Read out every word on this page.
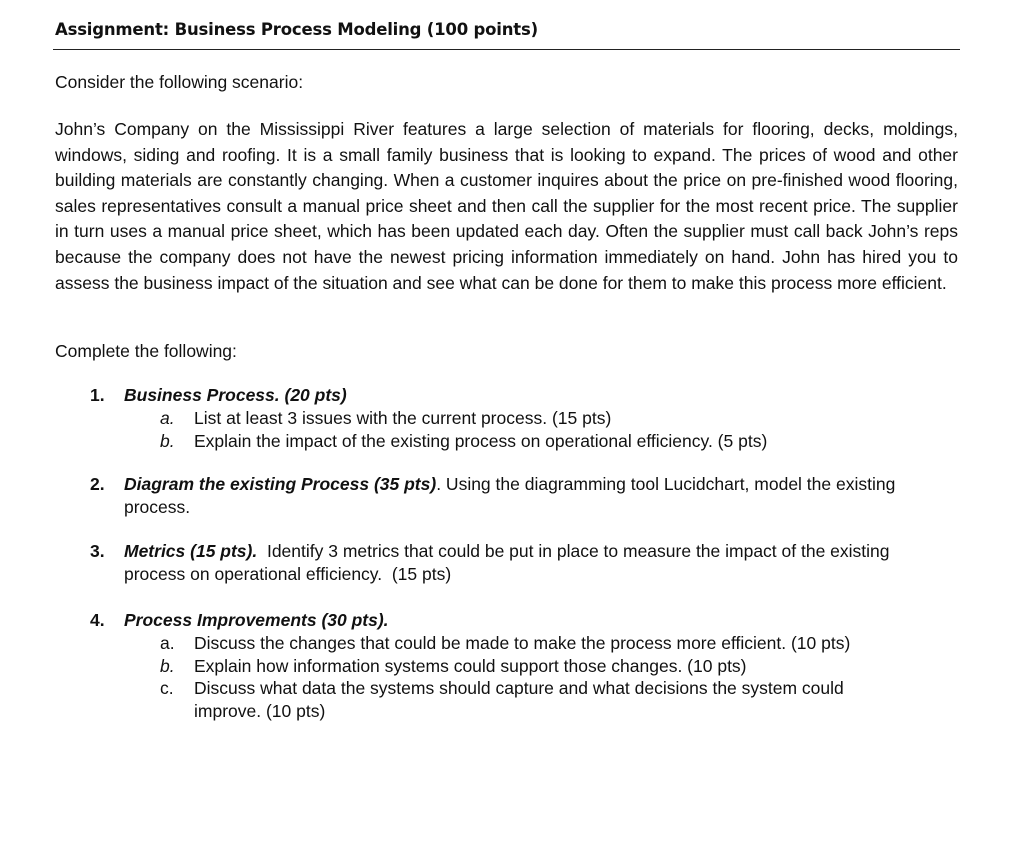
Assignment: Business Process Modeling (100 points)
Consider the following scenario:

John’s Company on the Mississippi River features a large selection of materials for flooring, decks, moldings, windows, siding and roofing. It is a small family business that is looking to expand. The prices of wood and other building materials are constantly changing. When a customer inquires about the price on pre-finished wood flooring, sales representatives consult a manual price sheet and then call the supplier for the most recent price. The supplier in turn uses a manual price sheet, which has been updated each day. Often the supplier must call back John’s reps because the company does not have the newest pricing information immediately on hand. John has hired you to assess the business impact of the situation and see what can be done for them to make this process more efficient.

Complete the following:
1. Business Process. (20 pts)
a. List at least 3 issues with the current process. (15 pts)
b. Explain the impact of the existing process on operational efficiency. (5 pts)
2. Diagram the existing Process (35 pts). Using the diagramming tool Lucidchart, model the existing process.
3. Metrics (15 pts).  Identify 3 metrics that could be put in place to measure the impact of the existing process on operational efficiency.  (15 pts)
4. Process Improvements (30 pts).
a. Discuss the changes that could be made to make the process more efficient. (10 pts)
b. Explain how information systems could support those changes. (10 pts)
c. Discuss what data the systems should capture and what decisions the system could improve. (10 pts)
